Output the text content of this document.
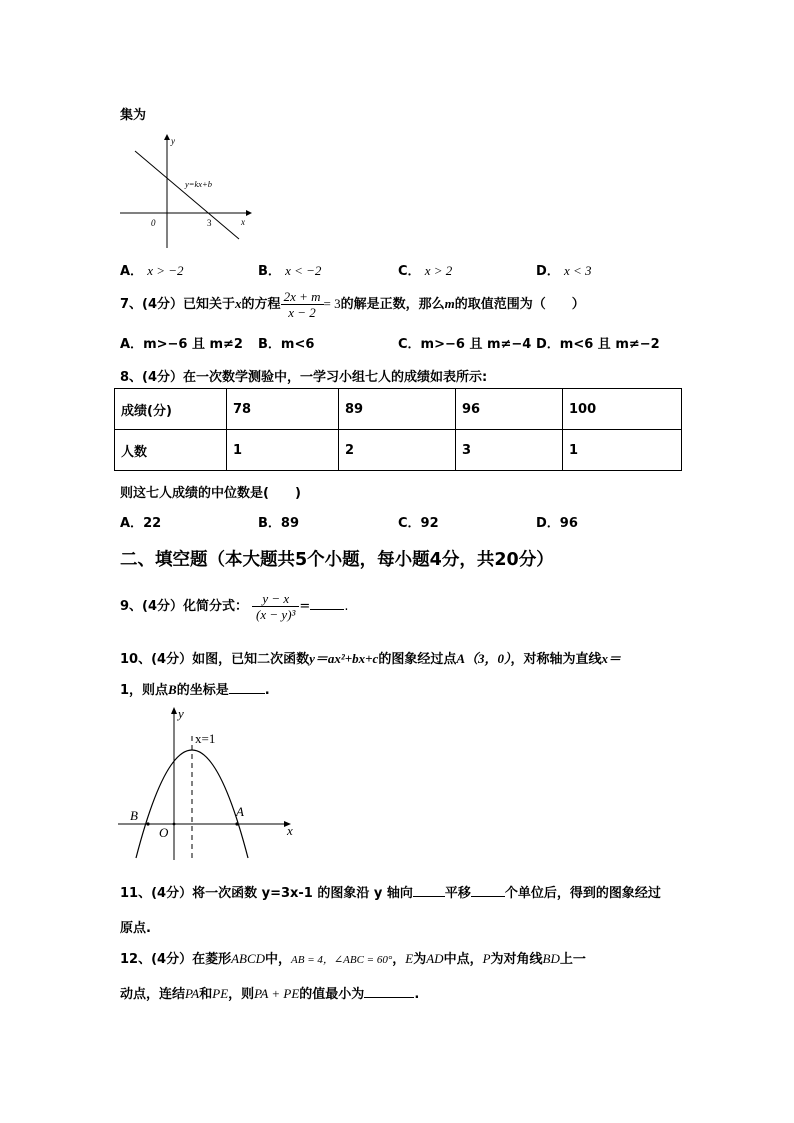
集为
y
x
0	3
y=kx+b
A． x > −2	B． x < −2	C． x > 2	D． x < 3
7、(4分）已知关于x的方程 $\frac{2x + m}{x - 2} = 3$的解是正数，那么m的取值范围为（　　）
A．m>−6 且 m≠2 B．m<6	C．m>−6 且 m≠−4 D．m<6 且 m≠−2
8、(4分）在一次数学测验中，一学习小组七人的成绩如表所示:
成绩(分)	78	89	96	100
人数	1	2	3	1
则这七人成绩的中位数是(　　)
A．22	B．89	C．92	D．96
二、填空题（本大题共5个小题，每小题4分，共20分）
9、(4分）化简分式： $\frac{y - x}{\text{(x − y)³}}$ =	.
10、(4分）如图，已知二次函数y＝ax²+bx+c的图象经过点A（3，0），对称轴为直线x＝
1，则点B的坐标是	.
y
x
x=1
O
A
B
11、(4分）将一次函数 y=3x-1 的图象沿 y 轴向 平移	个单位后，得到的图象经过
原点.
12、(4分）在菱形ABCD中，AB = 4，∠ABC = 60°，E为AD中点，P为对角线BD上一
动点，连结PA和PE，则PA + PE的值最小为	.
